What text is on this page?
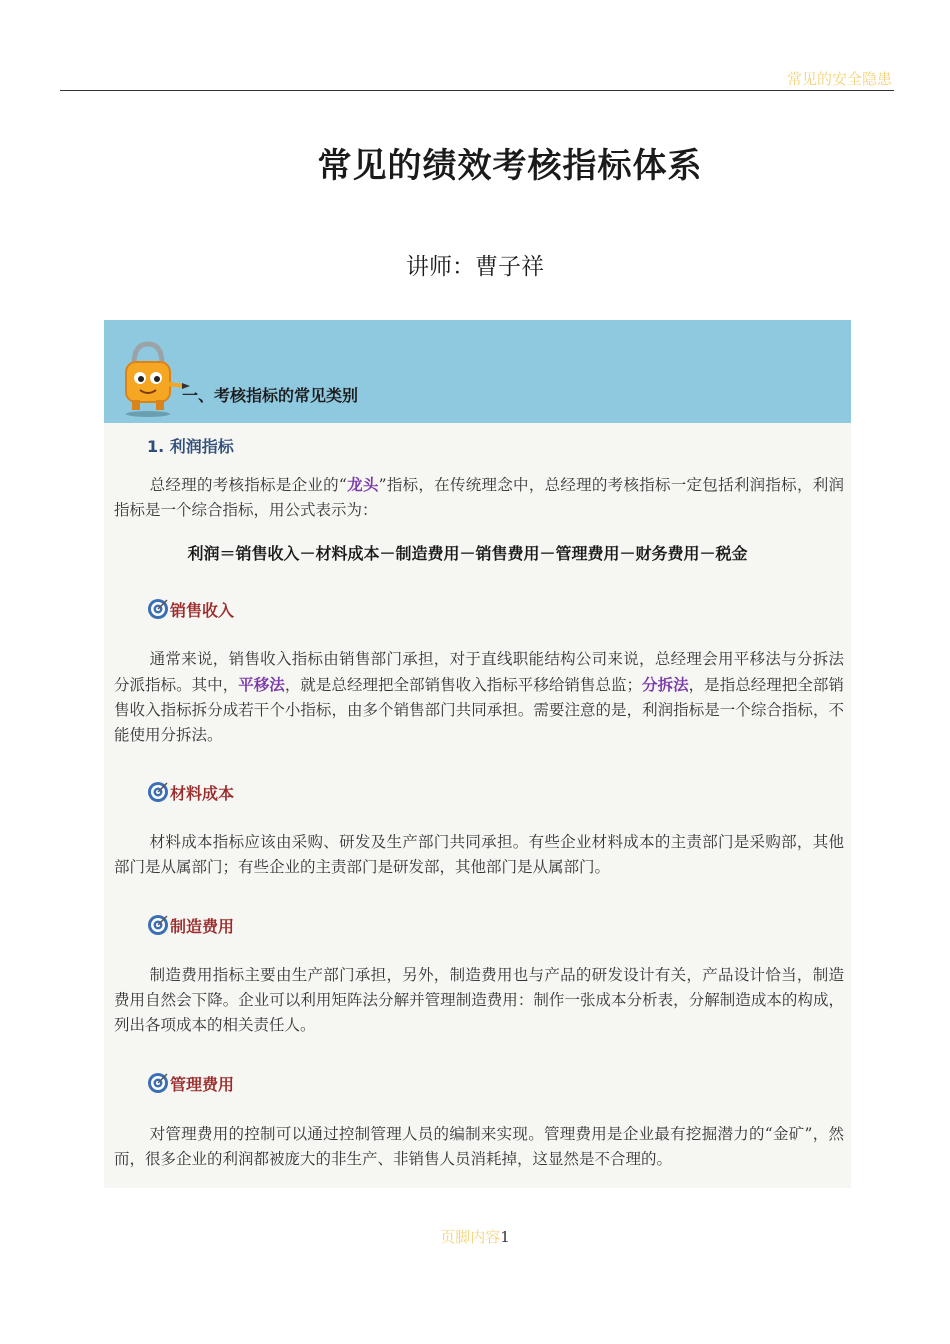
常见的安全隐患
常见的绩效考核指标体系
讲师：曹子祥
一、考核指标的常见类别
1. 利润指标

总经理的考核指标是企业的“龙头”指标，在传统理念中，总经理的考核指标一定包括利润指标，利润指标是一个综合指标，用公式表示为：

利润＝销售收入－材料成本－制造费用－销售费用－管理费用－财务费用－税金
销售收入

通常来说，销售收入指标由销售部门承担，对于直线职能结构公司来说，总经理会用平移法与分拆法分派指标。其中，平移法，就是总经理把全部销售收入指标平移给销售总监；分拆法，是指总经理把全部销售收入指标拆分成若干个小指标，由多个销售部门共同承担。需要注意的是，利润指标是一个综合指标，不能使用分拆法。

材料成本

材料成本指标应该由采购、研发及生产部门共同承担。有些企业材料成本的主责部门是采购部，其他部门是从属部门；有些企业的主责部门是研发部，其他部门是从属部门。

制造费用

制造费用指标主要由生产部门承担，另外，制造费用也与产品的研发设计有关，产品设计恰当，制造费用自然会下降。企业可以利用矩阵法分解并管理制造费用：制作一张成本分析表，分解制造成本的构成，列出各项成本的相关责任人。

管理费用

对管理费用的控制可以通过控制管理人员的编制来实现。管理费用是企业最有挖掘潜力的“金矿”，然而，很多企业的利润都被庞大的非生产、非销售人员消耗掉，这显然是不合理的。

页脚内容1
